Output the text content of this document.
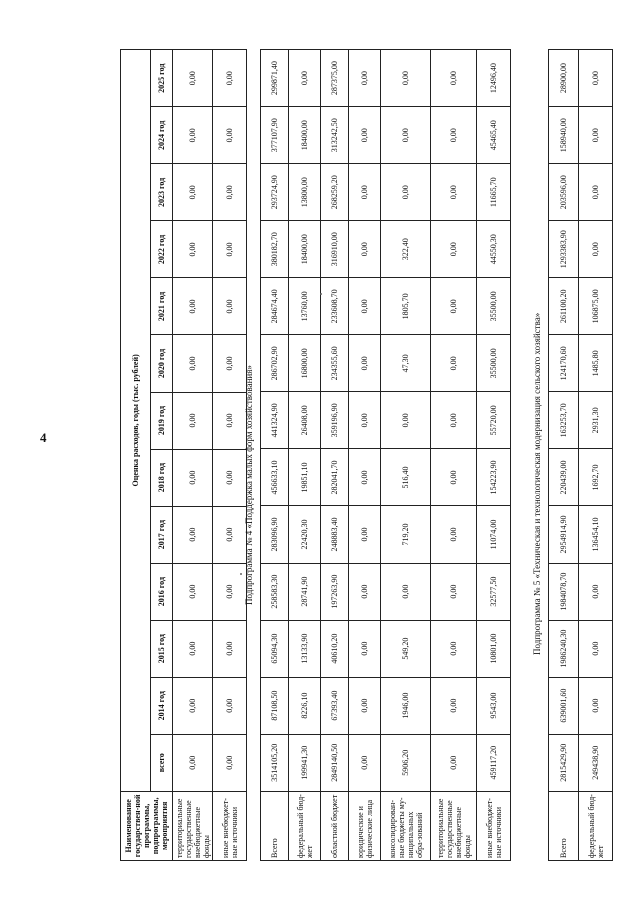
4
Наименование государствен-ной программы, подпрограммы, мероприятия	Оценка расходов, годы (тыс. рублей)												
	всего	2014 год	2015 год	2016 год	2017 год	2018 год	2019 год	2020 год	2021 год	2022 год	2023 год	2024 год	2025 год
территориальные государственные внебюджетные фонды	0,00	0,00	0,00	0,00	0,00	0,00	0,00	0,00	0,00	0,00	0,00	0,00	0,00
иные внебюджет-ные источники	0,00	0,00	0,00	0,00	0,00	0,00	0,00	0,00	0,00	0,00	0,00	0,00	0,00
Подпрограмма № 4 «Поддержка малых форм хозяйствования»
Всего	3514105,20	87108,50	65094,30	258583,30	283096,90	456633,10	441324,90	286702,90	284674,40	380182,70	293724,90	377107,90	299871,40
федеральный бюд-жет	199941,30	8226,10	13133,90	28741,90	22420,30	19851,10	26408,00	16800,00	13760,00	18400,00	13800,00	18400,00	0,00
областной бюджет	2849140,50	67393,40	40610,20	197263,90	248883,40	282041,70	359196,90	234355,60	233608,70	316910,00	268259,20	313242,50	287375,00
юридические и физические лица	0,00	0,00	0,00	0,00	0,00	0,00	0,00	0,00	0,00	0,00	0,00	0,00	0,00
консолидирован-ные бюджеты му-ниципальных обра-зований	5906,20	1946,00	549,20	0,00	719,20	516,40	0,00	47,30	1805,70	322,40	0,00	0,00	0,00
территориальные государственные внебюджетные фонды	0,00	0,00	0,00	0,00	0,00	0,00	0,00	0,00	0,00	0,00	0,00	0,00	0,00
иные внебюджет-ные источники	459117,20	9543,00	10801,00	32577,50	11074,00	154223,90	55720,00	35500,00	35500,00	44550,30	11665,70	45465,40	12496,40
Подпрограмма № 5 «Техническая и технологическая модернизация сельского хозяйства»
Всего	2815429,90	639001,60	1986240,30	1984078,70	2954914,90	220439,00	163253,70	124170,60	261100,20	1293383,90	203596,00	158940,00	28900,00
федеральный бюд-жет	249438,90	0,00	0,00	0,00	136454,10	1692,70	2931,30	1485,80	106875,00	0,00	0,00	0,00	0,00
